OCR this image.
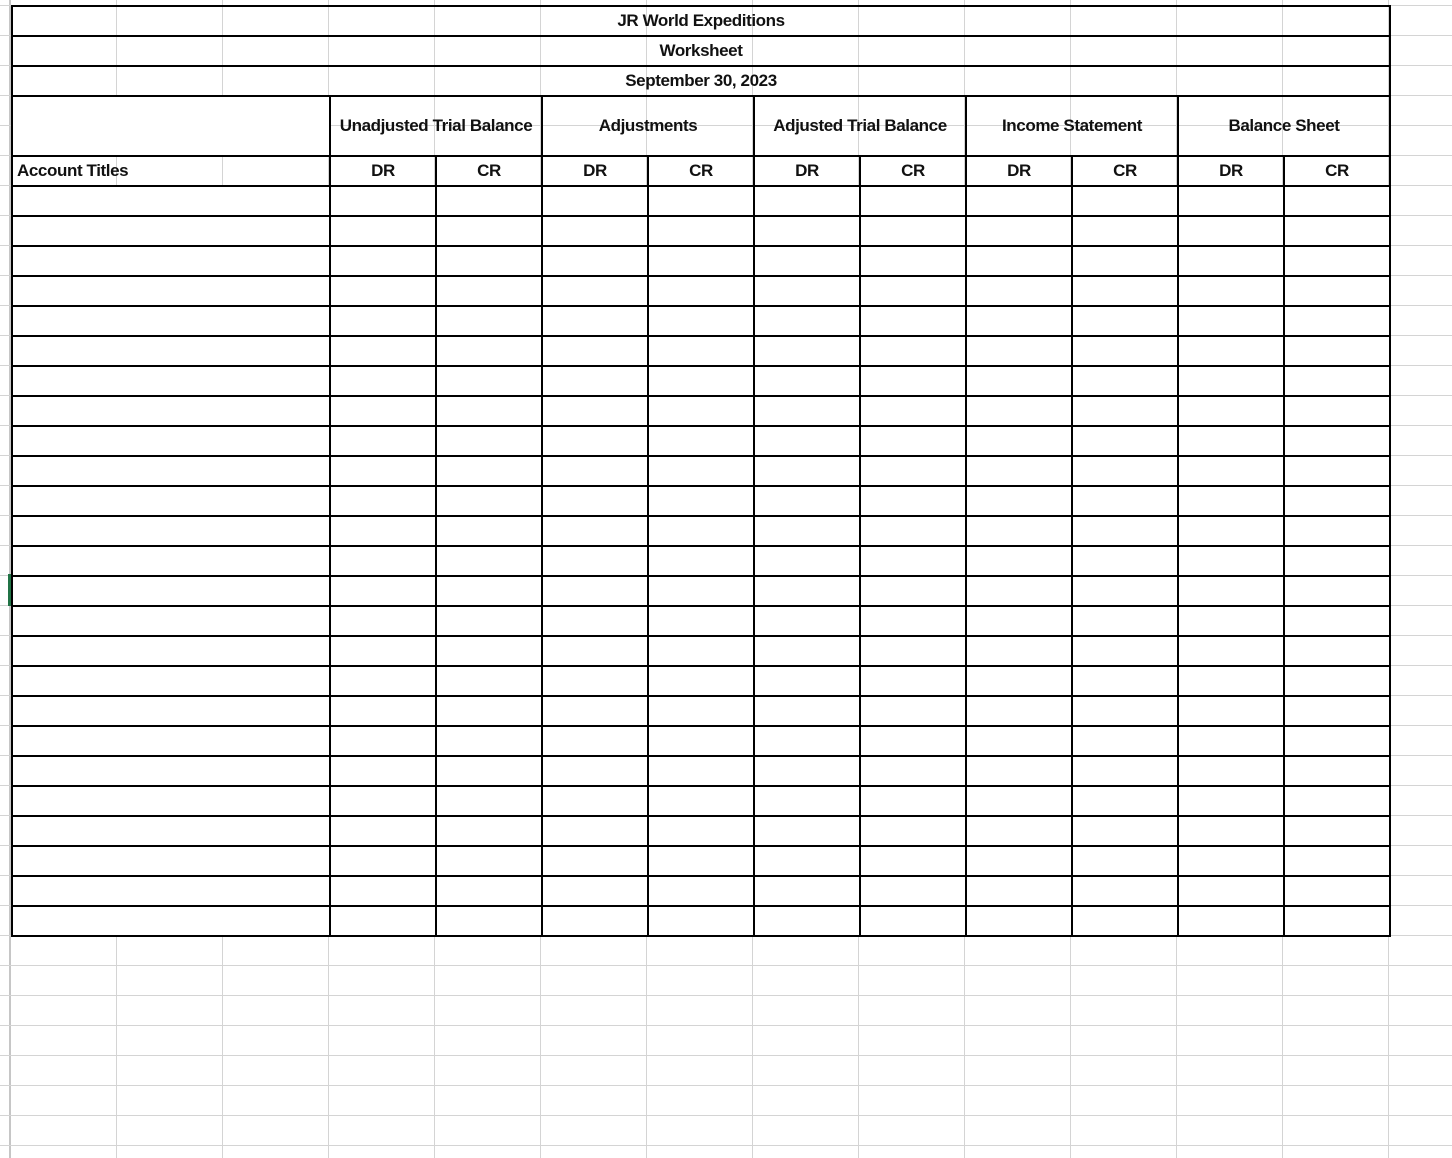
JR World Expeditions										
Worksheet										
September 30, 2023										
	Unadjusted Trial Balance		Adjustments		Adjusted Trial Balance		Income Statement		Balance Sheet	
Account Titles	DR	CR	DR	CR	DR	CR	DR	CR	DR	CR
